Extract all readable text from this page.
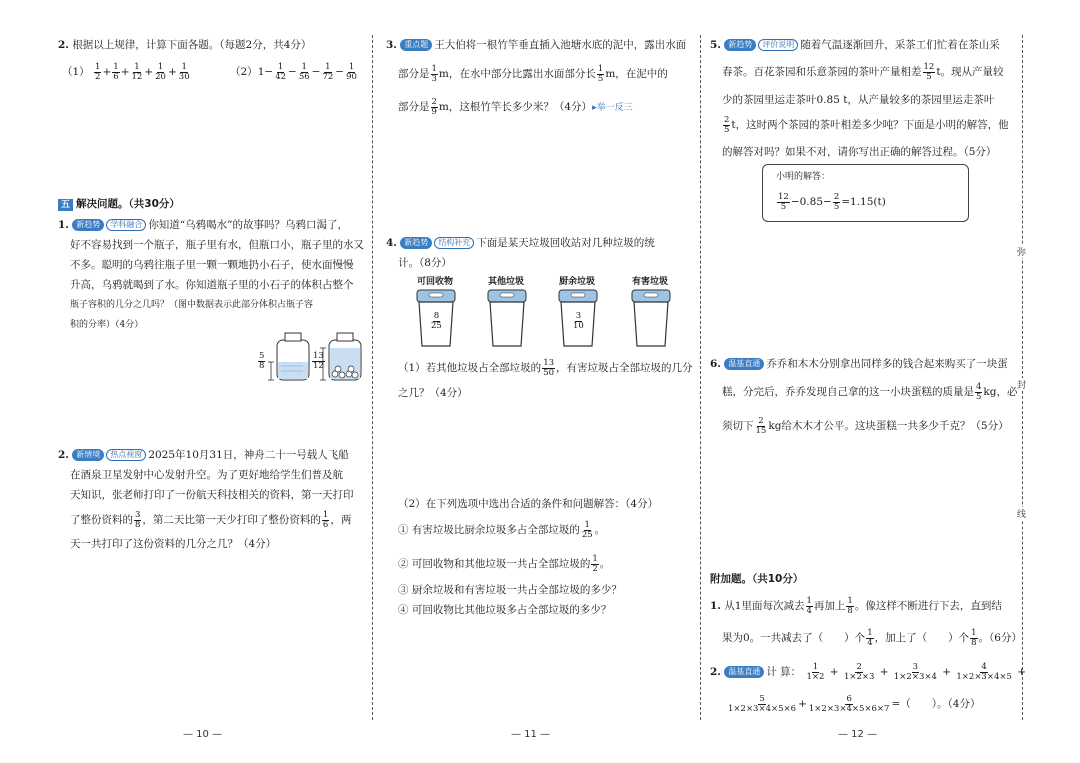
弥
封
线
2. 根据以上规律，计算下面各题。（每题2分，共4分）
$(1) \frac{1}{2} + \frac{1}{6} + \frac{1}{12} + \frac{1}{20} + \frac{1}{30}$	$(2)1- \frac{1}{42} - \frac{1}{56} - \frac{1}{72} - \frac{1}{90}$
五 解决问题。（共30分）
1. 新趋势 学科融合 你知道“乌鸦喝水”的故事吗？乌鸦口渴了，
好不容易找到一个瓶子，瓶子里有水，但瓶口小，瓶子里的水又
不多。聪明的乌鸦往瓶子里一颗一颗地扔小石子，使水面慢慢
升高，乌鸦就喝到了水。你知道瓶子里的小石子的体积占整个
瓶子容积的几分之几吗？（图中数据表示此部分体积占瓶子容
积的分率）（4分）
$\frac{5}{8}$	$\frac{13}{12}$
2. 新情境 热点视窗 2025年10月31日，神舟二十一号载人飞船
在酒泉卫星发射中心发射升空。为了更好地给学生们普及航
天知识，张老师打印了一份航天科技相关的资料，第一天打印
了整份资料的 $\frac{3}{8}$ ，第二天比第一天少打印了整份资料的 $\frac{1}{6}$ ，两
天一共打印了这份资料的几分之几？（4分）
— 10 —
3. 重点题 王大伯将一根竹竿垂直插入池塘水底的泥中，露出水面
部分是 $\frac{1}{3}$ m，在水中部分比露出水面部分长 $\frac{1}{5}$ m，在泥中的
部分是 $\frac{2}{9}$ m，这根竹竿长多少米？（4分）▸举一反三
4. 新趋势 结构补充 下面是某天垃圾回收站对几种垃圾的统
计。（8分）
可回收物	其他垃圾	厨余垃圾	有害垃圾
$\frac{8}{25}$	$\frac{3}{10}$
（1）若其他垃圾占全部垃圾的 $\frac{13}{50}$ ，有害垃圾占全部垃圾的几分
之几？（4分）
（2）在下列选项中选出合适的条件和问题解答：（4分）
① 有害垃圾比厨余垃圾多占全部垃圾的 $\frac{1}{25}$ 。
② 可回收物和其他垃圾一共占全部垃圾的 $\frac{1}{2}$ 。
③ 厨余垃圾和有害垃圾一共占全部垃圾的多少？
④ 可回收物比其他垃圾多占全部垃圾的多少？
— 11 —
5. 新趋势 评价说明 随着气温逐渐回升，采茶工们忙着在茶山采
春茶。百花茶园和乐意茶园的茶叶产量相差 $\frac{12}{5}$ t。现从产量较
少的茶园里运走茶叶0.85 t，从产量较多的茶园里运走茶叶
$\frac{2}{5}$ t，这时两个茶园的茶叶相差多少吨？下面是小明的解答，他
的解答对吗？如果不对，请你写出正确的解答过程。（5分）
小明的解答：
$\frac{12}{5} -0.85- \frac{2}{5} =1.15(t)$
6. 温基直通 乔乔和木木分别拿出同样多的钱合起来购买了一块蛋
糕，分完后，乔乔发现自己拿的这一小块蛋糕的质量是 $\frac{4}{5}$ kg，必
须切下 $\frac{2}{15}$ kg给木木才公平。这块蛋糕一共多少千克？（5分）
附加题。（共10分）
1. 从1里面每次减去 $\frac{1}{4}$ 再加上 $\frac{1}{8}$ 。像这样不断进行下去，直到结
果为0。一共减去了（　　）个 $\frac{1}{4}$ ，加上了（　　）个 $\frac{1}{8}$ 。（6分）
2. 温基直通 计 算： $\frac{1}{1\times 2} + \frac{2}{1\times 2\times 3} + \frac{3}{1\times 2\times 3\times 4} + \frac{4}{1\times 2\times 3\times 4\times 5}$ +
$\frac{5}{1\times 2\times 3\times 4\times 5\times 6} + \frac{6}{1\times 2\times 3\times 4\times 5\times 6\times 7}$ =（　　）。（4分）
— 12 —
